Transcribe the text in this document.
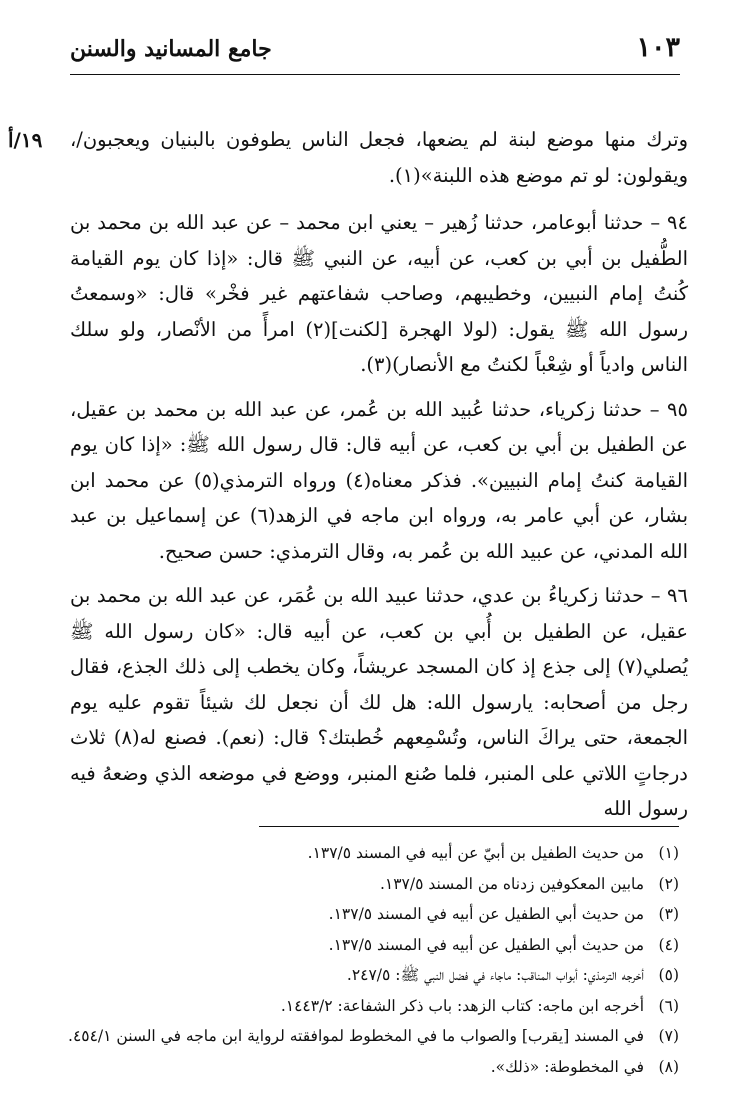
١٠٣
جامع المسانيد والسنن
١٩/أ وترك منها موضع لبنة لم يضعها، فجعل الناس يطوفون بالبنيان ويعجبون/، ويقولون: لو تم موضع هذه اللبنة»(١).

٩٤ – حدثنا أبوعامر، حدثنا زُهير – يعني ابن محمد – عن عبد الله بن محمد بن الطُّفيل بن أبي بن كعب، عن أبيه، عن النبي ﷺ قال: «إذا كان يوم القيامة كُنتُ إمام النبيين، وخطيبهم، وصاحب شفاعتهم غير فخْر» قال: «وسمعتُ رسول الله ﷺ يقول: (لولا الهجرة [لكنت](٢) امرأً من الأنْصار، ولو سلك الناس وادياً أو شِعْباً لكنتُ مع الأنصار)(٣).

٩٥ – حدثنا زكرياء، حدثنا عُبيد الله بن عُمر، عن عبد الله بن محمد بن عقيل، عن الطفيل بن أبي بن كعب، عن أبيه قال: قال رسول الله ﷺ: «إذا كان يوم القيامة كنتُ إمام النبيين». فذكر معناه(٤) ورواه الترمذي(٥) عن محمد ابن بشار، عن أبي عامر به، ورواه ابن ماجه في الزهد(٦) عن إسماعيل بن عبد الله المدني، عن عبيد الله بن عُمر به، وقال الترمذي: حسن صحيح.

٩٦ – حدثنا زكرياءُ بن عدي، حدثنا عبيد الله بن عُمَر، عن عبد الله بن محمد بن عقيل، عن الطفيل بن أُبي بن كعب، عن أبيه قال: «كان رسول الله ﷺ يُصلي(٧) إلى جذع إذ كان المسجد عريشاً، وكان يخطب إلى ذلك الجذع، فقال رجل من أصحابه: يارسول الله: هل لك أن نجعل لك شيئاً تقوم عليه يوم الجمعة، حتى يراكَ الناس، وتُسْمِعهم خُطبتك؟ قال: (نعم). فصنع له(٨) ثلاث درجاتٍ اللاتي على المنبر، فلما صُنع المنبر، ووضع في موضعه الذي وضعهُ فيه رسول الله

(١) من حديث الطفيل بن أبيّ عن أبيه في المسند ١٣٧/٥.
(٢) مابين المعكوفين زدناه من المسند ١٣٧/٥.
(٣) من حديث أبي الطفيل عن أبيه في المسند ١٣٧/٥.
(٤) من حديث أبي الطفيل عن أبيه في المسند ١٣٧/٥.
(٥) أخرجه الترمذي: أبواب المناقب: ماجاء في فضل النبي ﷺ: ٢٤٧/٥.
(٦) أخرجه ابن ماجه: كتاب الزهد: باب ذكر الشفاعة: ١٤٤٣/٢.
(٧) في المسند [يقرب] والصواب ما في المخطوط لموافقته لرواية ابن ماجه في السنن ٤٥٤/١.
(٨) في المخطوطة: «ذلك».
